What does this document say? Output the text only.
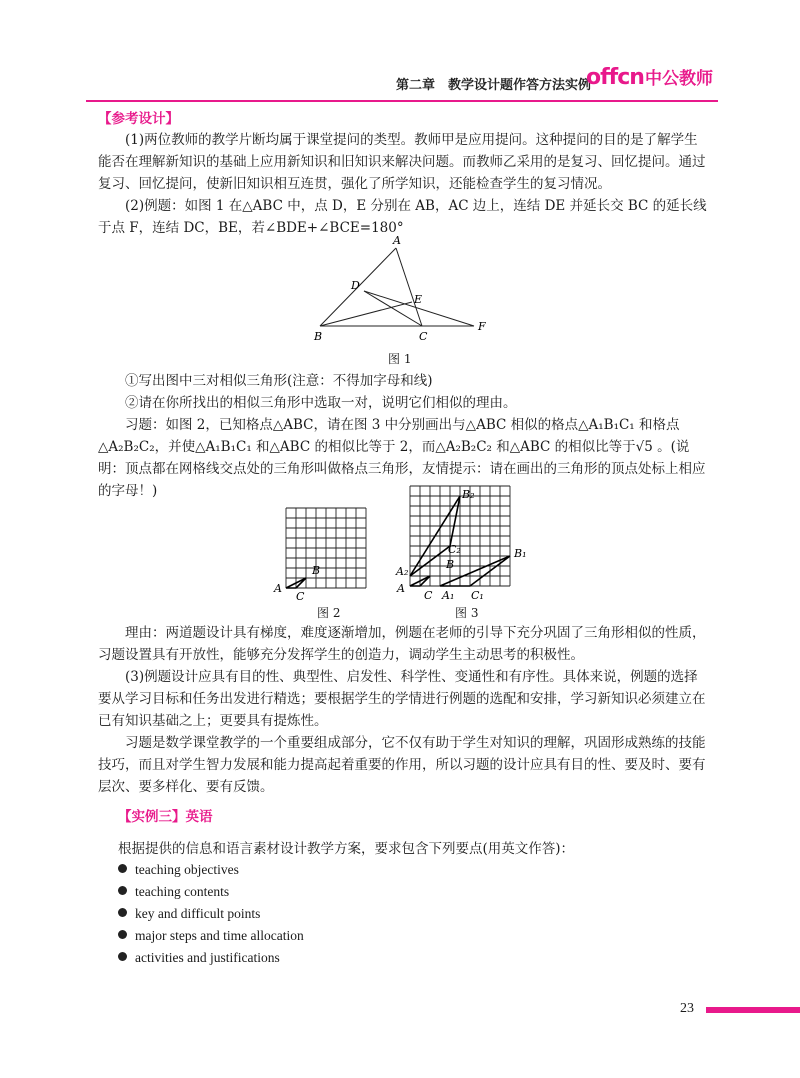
第二章　教学设计题作答方法实例
offcn中公教师

【参考设计】

(1)两位教师的教学片断均属于课堂提问的类型。教师甲是应用提问。这种提问的目的是了解学生能否在理解新知识的基础上应用新知识和旧知识来解决问题。而教师乙采用的是复习、回忆提问。通过复习、回忆提问，使新旧知识相互连贯，强化了所学知识，还能检查学生的复习情况。

(2)例题：如图 1 在△ABC 中，点 D，E 分别在 AB，AC 边上，连结 DE 并延长交 BC 的延长线于点 F，连结 DC，BE，若∠BDE+∠BCE=180°

A
D
E
B	C
F
图 1

①写出图中三对相似三角形(注意：不得加字母和线)

②请在你所找出的相似三角形中选取一对，说明它们相似的理由。

习题：如图 2，已知格点△ABC，请在图 3 中分别画出与△ABC 相似的格点△A₁B₁C₁ 和格点△A₂B₂C₂，并使△A₁B₁C₁ 和△ABC 的相似比等于 2，而△A₂B₂C₂ 和△ABC 的相似比等于√5 。(说明：顶点都在网格线交点处的三角形叫做格点三角形，友情提示：请在画出的三角形的顶点处标上相应的字母！)

A
B
C
B₂
C₂	B₁
A₂
B
A
C A₁ C₁
图 2	图 3

理由：两道题设计具有梯度，难度逐渐增加，例题在老师的引导下充分巩固了三角形相似的性质，习题设置具有开放性，能够充分发挥学生的创造力，调动学生主动思考的积极性。

(3)例题设计应具有目的性、典型性、启发性、科学性、变通性和有序性。具体来说，例题的选择要从学习目标和任务出发进行精选；要根据学生的学情进行例题的选配和安排，学习新知识必须建立在已有知识基础之上；更要具有提炼性。

习题是数学课堂教学的一个重要组成部分，它不仅有助于学生对知识的理解，巩固形成熟练的技能技巧，而且对学生智力发展和能力提高起着重要的作用，所以习题的设计应具有目的性、要及时、要有层次、要多样化、要有反馈。

【实例三】英语

根据提供的信息和语言素材设计教学方案，要求包含下列要点(用英文作答)：

teaching objectives
teaching contents
key and difficult points
major steps and time allocation
activities and justifications
23
